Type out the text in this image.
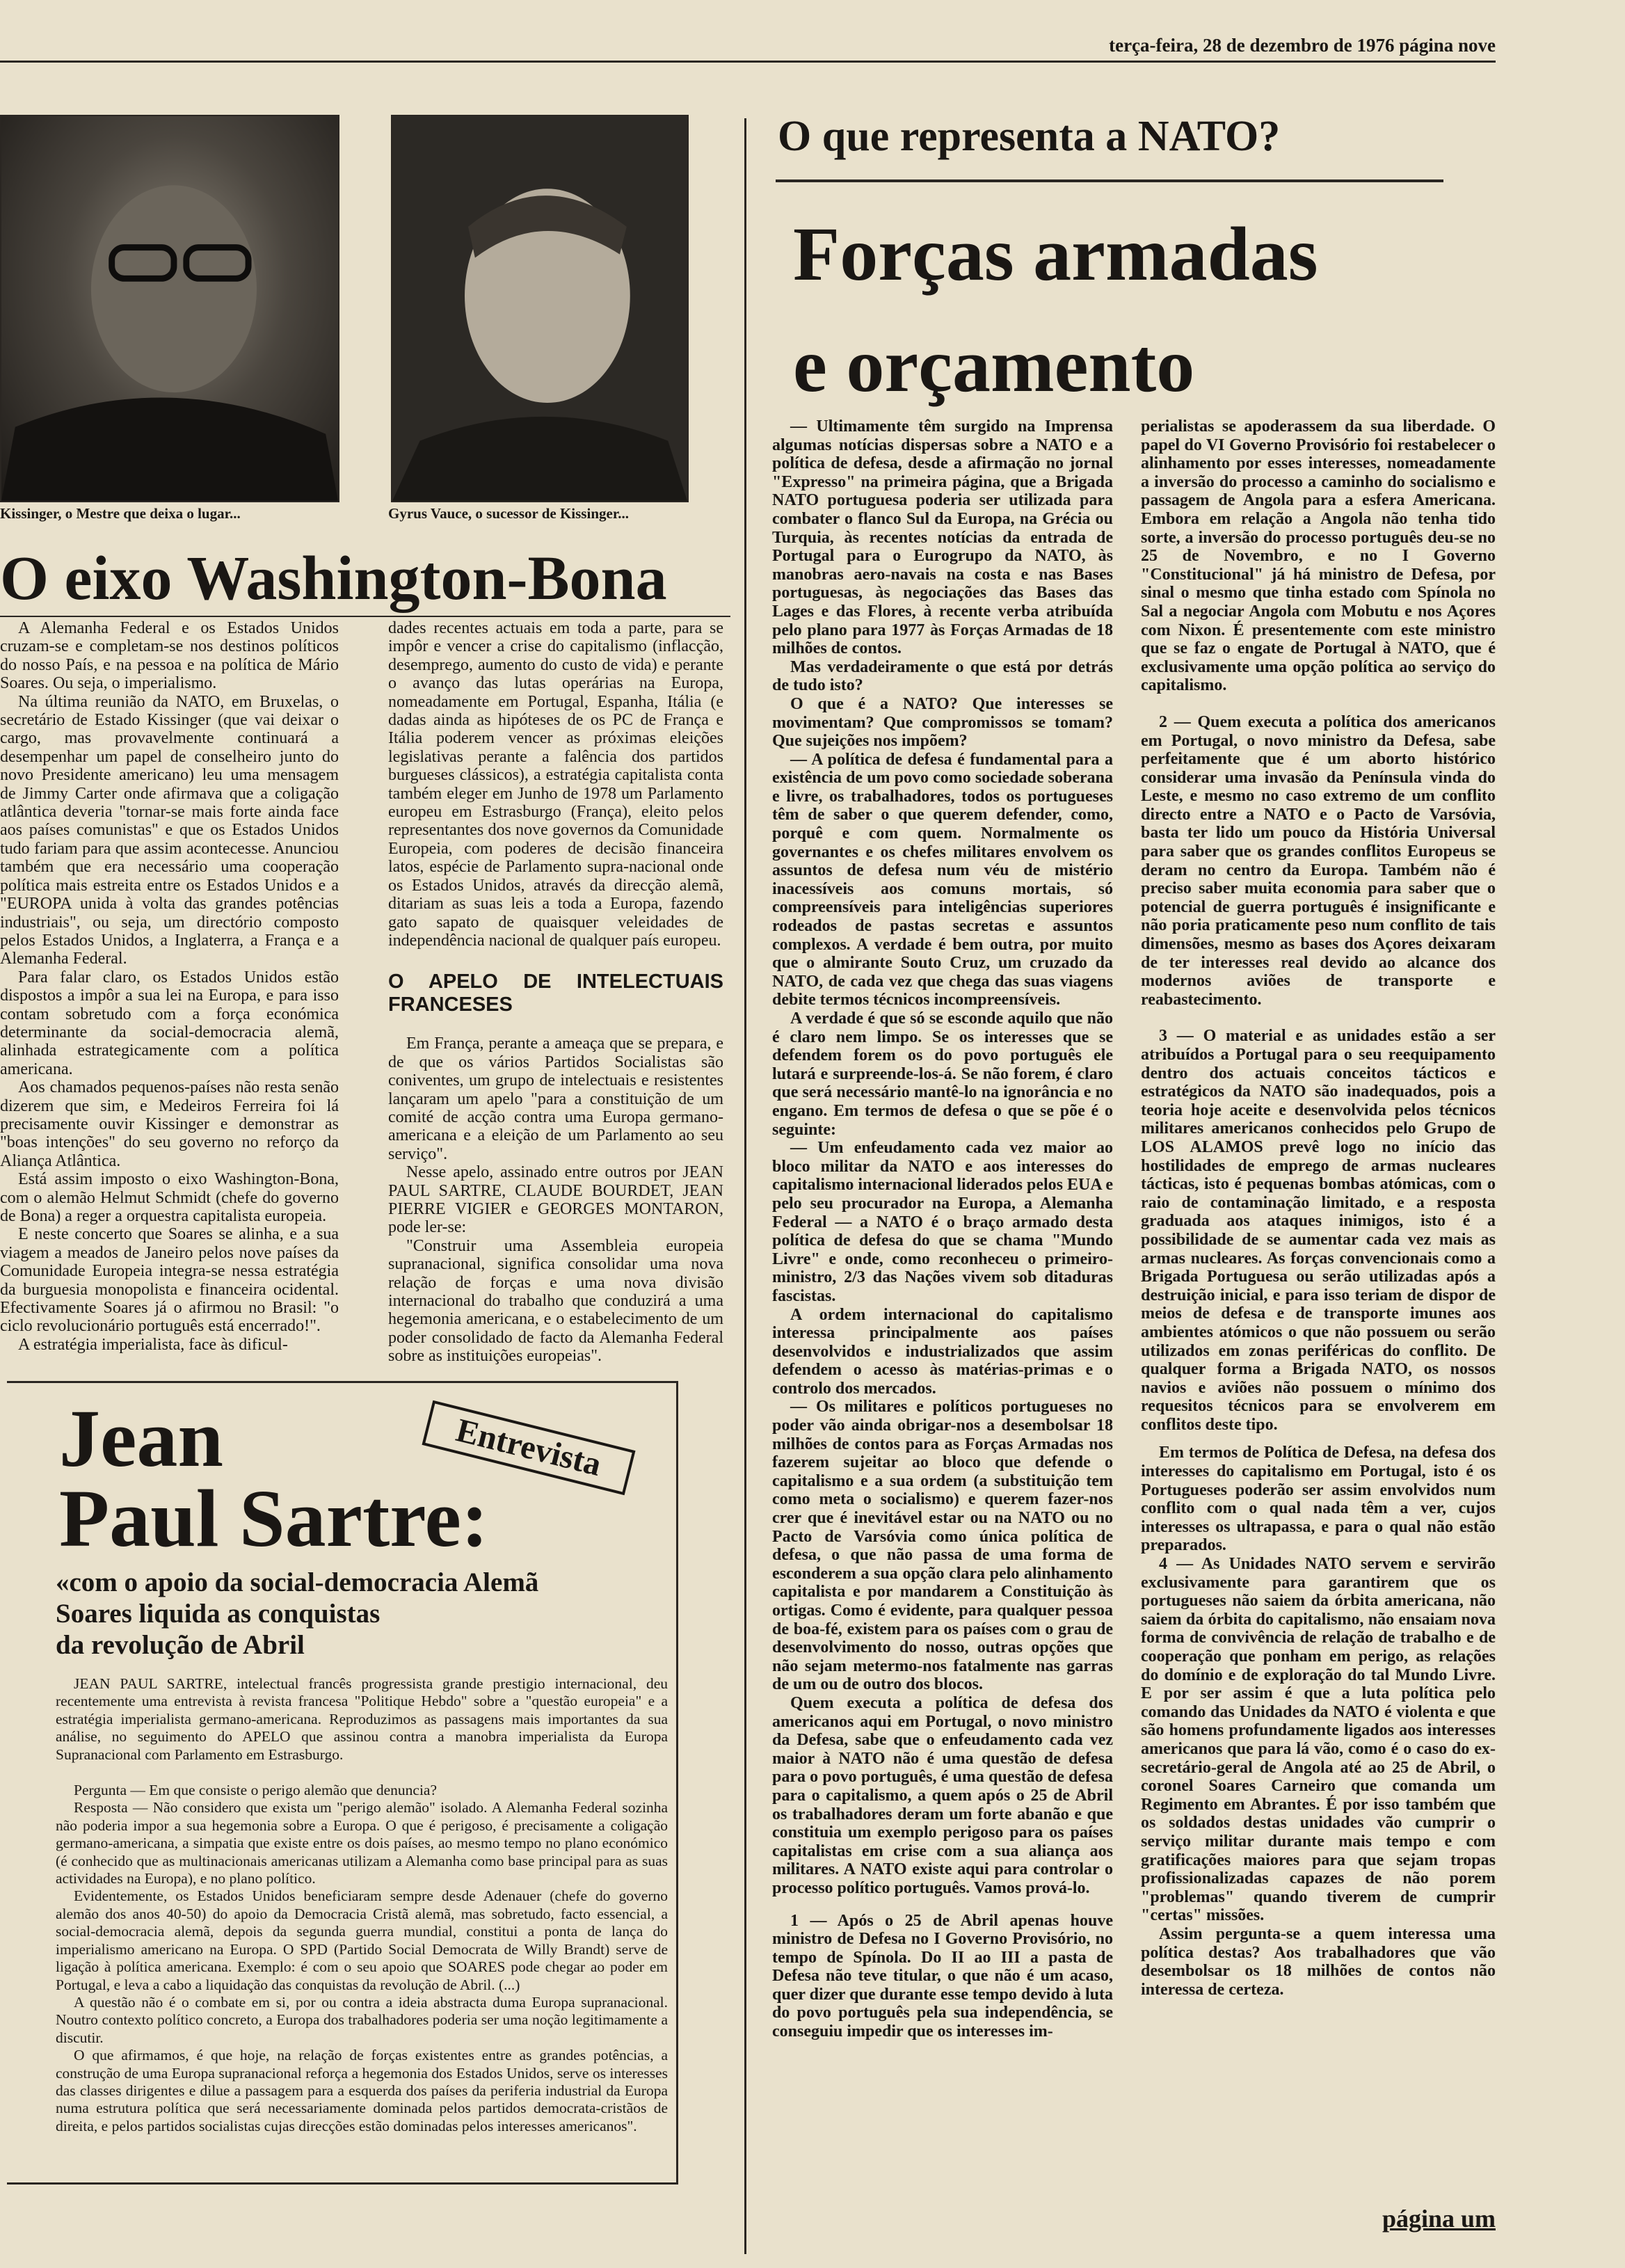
terça-feira, 28 de dezembro de 1976 página nove
Kissinger, o Mestre que deixa o lugar...	Gyrus Vauce, o sucessor de Kissinger...
O eixo Washington-Bona

A Alemanha Federal e os Estados Unidos cruzam-se e completam-se nos destinos políticos do nosso País, e na pessoa e na política de Mário Soares. Ou seja, o imperialismo.

Na última reunião da NATO, em Bruxelas, o secretário de Estado Kissinger (que vai deixar o cargo, mas provavelmente continuará a desempenhar um papel de conselheiro junto do novo Presidente americano) leu uma mensagem de Jimmy Carter onde afirmava que a coligação atlântica deveria "tornar-se mais forte ainda face aos países comunistas" e que os Estados Unidos tudo fariam para que assim acontecesse. Anunciou também que era necessário uma cooperação política mais estreita entre os Estados Unidos e a "EUROPA unida à volta das grandes potências industriais", ou seja, um directório composto pelos Estados Unidos, a Inglaterra, a França e a Alemanha Federal.

Para falar claro, os Estados Unidos estão dispostos a impôr a sua lei na Europa, e para isso contam sobretudo com a força económica determinante da social-democracia alemã, alinhada estrategicamente com a política americana.

Aos chamados pequenos-países não resta senão dizerem que sim, e Medeiros Ferreira foi lá precisamente ouvir Kissinger e demonstrar as "boas intenções" do seu governo no reforço da Aliança Atlântica.

Está assim imposto o eixo Washington-Bona, com o alemão Helmut Schmidt (chefe do governo de Bona) a reger a orquestra capitalista europeia.

E neste concerto que Soares se alinha, e a sua viagem a meados de Janeiro pelos nove países da Comunidade Europeia integra-se nessa estratégia da burguesia monopolista e financeira ocidental. Efectivamente Soares já o afirmou no Brasil: "o ciclo revolucionário português está encerrado!".

A estratégia imperialista, face às dificul-

dades recentes actuais em toda a parte, para se impôr e vencer a crise do capitalismo (inflacção, desemprego, aumento do custo de vida) e perante o avanço das lutas operárias na Europa, nomeadamente em Portugal, Espanha, Itália (e dadas ainda as hipóteses de os PC de França e Itália poderem vencer as próximas eleições legislativas perante a falência dos partidos burgueses clássicos), a estratégia capitalista conta também eleger em Junho de 1978 um Parlamento europeu em Estrasburgo (França), eleito pelos representantes dos nove governos da Comunidade Europeia, com poderes de decisão financeira latos, espécie de Parlamento supra-nacional onde os Estados Unidos, através da direcção alemã, ditariam as suas leis a toda a Europa, fazendo gato sapato de quaisquer veleidades de independência nacional de qualquer país europeu.

O APELO DE INTELECTUAIS FRANCESES

Em França, perante a ameaça que se prepara, e de que os vários Partidos Socialistas são coniventes, um grupo de intelectuais e resistentes lançaram um apelo "para a constituição de um comité de acção contra uma Europa germano-americana e a eleição de um Parlamento ao seu serviço".

Nesse apelo, assinado entre outros por JEAN PAUL SARTRE, CLAUDE BOURDET, JEAN PIERRE VIGIER e GEORGES MONTARON, pode ler-se:

"Construir uma Assembleia europeia supranacional, significa consolidar uma nova relação de forças e uma nova divisão internacional do trabalho que conduzirá a uma hegemonia americana, e o estabelecimento de um poder consolidado de facto da Alemanha Federal sobre as instituições europeias".

Jean
Paul Sartre:
Entrevista
«com o apoio da social-democracia Alemã
Soares liquida as conquistas
da revolução de Abril

JEAN PAUL SARTRE, intelectual francês progressista grande prestigio internacional, deu recentemente uma entrevista à revista francesa "Politique Hebdo" sobre a "questão europeia" e a estratégia imperialista germano-americana. Reproduzimos as passagens mais importantes da sua análise, no seguimento do APELO que assinou contra a manobra imperialista da Europa Supranacional com Parlamento em Estrasburgo.

Pergunta — Em que consiste o perigo alemão que denuncia?

Resposta — Não considero que exista um "perigo alemão" isolado. A Alemanha Federal sozinha não poderia impor a sua hegemonia sobre a Europa. O que é perigoso, é precisamente a coligação germano-americana, a simpatia que existe entre os dois países, ao mesmo tempo no plano económico (é conhecido que as multinacionais americanas utilizam a Alemanha como base principal para as suas actividades na Europa), e no plano político.

Evidentemente, os Estados Unidos beneficiaram sempre desde Adenauer (chefe do governo alemão dos anos 40-50) do apoio da Democracia Cristã alemã, mas sobretudo, facto essencial, a social-democracia alemã, depois da segunda guerra mundial, constitui a ponta de lança do imperialismo americano na Europa. O SPD (Partido Social Democrata de Willy Brandt) serve de ligação à política americana. Exemplo: é com o seu apoio que SOARES pode chegar ao poder em Portugal, e leva a cabo a liquidação das conquistas da revolução de Abril. (...)

A questão não é o combate em si, por ou contra a ideia abstracta duma Europa supranacional. Noutro contexto político concreto, a Europa dos trabalhadores poderia ser uma noção legitimamente a discutir.

O que afirmamos, é que hoje, na relação de forças existentes entre as grandes potências, a construção de uma Europa supranacional reforça a hegemonia dos Estados Unidos, serve os interesses das classes dirigentes e dilue a passagem para a esquerda dos países da periferia industrial da Europa numa estrutura política que será necessariamente dominada pelos partidos democrata-cristãos de direita, e pelos partidos socialistas cujas direcções estão dominadas pelos interesses americanos".

O que representa a NATO?
Forças armadas
e orçamento

— Ultimamente têm surgido na Imprensa algumas notícias dispersas sobre a NATO e a política de defesa, desde a afirmação no jornal "Expresso" na primeira página, que a Brigada NATO portuguesa poderia ser utilizada para combater o flanco Sul da Europa, na Grécia ou Turquia, às recentes notícias da entrada de Portugal para o Eurogrupo da NATO, às manobras aero-navais na costa e nas Bases portuguesas, às negociações das Bases das Lages e das Flores, à recente verba atribuída pelo plano para 1977 às Forças Armadas de 18 milhões de contos.

Mas verdadeiramente o que está por detrás de tudo isto?

O que é a NATO? Que interesses se movimentam? Que compromissos se tomam? Que sujeições nos impõem?

— A política de defesa é fundamental para a existência de um povo como sociedade soberana e livre, os trabalhadores, todos os portugueses têm de saber o que querem defender, como, porquê e com quem. Normalmente os governantes e os chefes militares envolvem os assuntos de defesa num véu de mistério inacessíveis aos comuns mortais, só compreensíveis para inteligências superiores rodeados de pastas secretas e assuntos complexos. A verdade é bem outra, por muito que o almirante Souto Cruz, um cruzado da NATO, de cada vez que chega das suas viagens debite termos técnicos incompreensíveis.

A verdade é que só se esconde aquilo que não é claro nem limpo. Se os interesses que se defendem forem os do povo português ele lutará e surpreende-los-á. Se não forem, é claro que será necessário mantê-lo na ignorância e no engano. Em termos de defesa o que se põe é o seguinte:

— Um enfeudamento cada vez maior ao bloco militar da NATO e aos interesses do capitalismo internacional liderados pelos EUA e pelo seu procurador na Europa, a Alemanha Federal — a NATO é o braço armado desta política de defesa do que se chama "Mundo Livre" e onde, como reconheceu o primeiro-ministro, 2/3 das Nações vivem sob ditaduras fascistas.

A ordem internacional do capitalismo interessa principalmente aos países desenvolvidos e industrializados que assim defendem o acesso às matérias-primas e o controlo dos mercados.

— Os militares e políticos portugueses no poder vão ainda obrigar-nos a desembolsar 18 milhões de contos para as Forças Armadas nos fazerem sujeitar ao bloco que defende o capitalismo e a sua ordem (a substituição tem como meta o socialismo) e querem fazer-nos crer que é inevitável estar ou na NATO ou no Pacto de Varsóvia como única política de defesa, o que não passa de uma forma de esconderem a sua opção clara pelo alinhamento capitalista e por mandarem a Constituição às ortigas. Como é evidente, para qualquer pessoa de boa-fé, existem para os países com o grau de desenvolvimento do nosso, outras opções que não sejam metermo-nos fatalmente nas garras de um ou de outro dos blocos.

Quem executa a política de defesa dos americanos aqui em Portugal, o novo ministro da Defesa, sabe que o enfeudamento cada vez maior à NATO não é uma questão de defesa para o povo português, é uma questão de defesa para o capitalismo, a quem após o 25 de Abril os trabalhadores deram um forte abanão e que constituia um exemplo perigoso para os países capitalistas em crise com a sua aliança aos militares. A NATO existe aqui para controlar o processo político português. Vamos prová-lo.

1 — Após o 25 de Abril apenas houve ministro de Defesa no I Governo Provisório, no tempo de Spínola. Do II ao III a pasta de Defesa não teve titular, o que não é um acaso, quer dizer que durante esse tempo devido à luta do povo português pela sua independência, se conseguiu impedir que os interesses im-

perialistas se apoderassem da sua liberdade. O papel do VI Governo Provisório foi restabelecer o alinhamento por esses interesses, nomeadamente a inversão do processo a caminho do socialismo e passagem de Angola para a esfera Americana. Embora em relação a Angola não tenha tido sorte, a inversão do processo português deu-se no 25 de Novembro, e no I Governo "Constitucional" já há ministro de Defesa, por sinal o mesmo que tinha estado com Spínola no Sal a negociar Angola com Mobutu e nos Açores com Nixon. É presentemente com este ministro que se faz o engate de Portugal à NATO, que é exclusivamente uma opção política ao serviço do capitalismo.

2 — Quem executa a política dos americanos em Portugal, o novo ministro da Defesa, sabe perfeitamente que é um aborto histórico considerar uma invasão da Península vinda do Leste, e mesmo no caso extremo de um conflito directo entre a NATO e o Pacto de Varsóvia, basta ter lido um pouco da História Universal para saber que os grandes conflitos Europeus se deram no centro da Europa. Também não é preciso saber muita economia para saber que o potencial de guerra português é insignificante e não poria praticamente peso num conflito de tais dimensões, mesmo as bases dos Açores deixaram de ter interesses real devido ao alcance dos modernos aviões de transporte e reabastecimento.

3 — O material e as unidades estão a ser atribuídos a Portugal para o seu reequipamento dentro dos actuais conceitos tácticos e estratégicos da NATO são inadequados, pois a teoria hoje aceite e desenvolvida pelos técnicos militares americanos conhecidos pelo Grupo de LOS ALAMOS prevê logo no início das hostilidades de emprego de armas nucleares tácticas, isto é pequenas bombas atómicas, com o raio de contaminação limitado, e a resposta graduada aos ataques inimigos, isto é a possibilidade de se aumentar cada vez mais as armas nucleares. As forças convencionais como a Brigada Portuguesa ou serão utilizadas após a destruição inicial, e para isso teriam de dispor de meios de defesa e de transporte imunes aos ambientes atómicos o que não possuem ou serão utilizados em zonas periféricas do conflito. De qualquer forma a Brigada NATO, os nossos navios e aviões não possuem o mínimo dos requesitos técnicos para se envolverem em conflitos deste tipo.

Em termos de Política de Defesa, na defesa dos interesses do capitalismo em Portugal, isto é os Portugueses poderão ser assim envolvidos num conflito com o qual nada têm a ver, cujos interesses os ultrapassa, e para o qual não estão preparados.

4 — As Unidades NATO servem e servirão exclusivamente para garantirem que os portugueses não saiem da órbita americana, não saiem da órbita do capitalismo, não ensaiam nova forma de convivência de relação de trabalho e de cooperação que ponham em perigo, as relações do domínio e de exploração do tal Mundo Livre. E por ser assim é que a luta política pelo comando das Unidades da NATO é violenta e que são homens profundamente ligados aos interesses americanos que para lá vão, como é o caso do ex-secretário-geral de Angola até ao 25 de Abril, o coronel Soares Carneiro que comanda um Regimento em Abrantes. É por isso também que os soldados destas unidades vão cumprir o serviço militar durante mais tempo e com gratificações maiores para que sejam tropas profissionalizadas capazes de não porem "problemas" quando tiverem de cumprir "certas" missões.

Assim pergunta-se a quem interessa uma política destas? Aos trabalhadores que vão desembolsar os 18 milhões de contos não interessa de certeza.

página um
